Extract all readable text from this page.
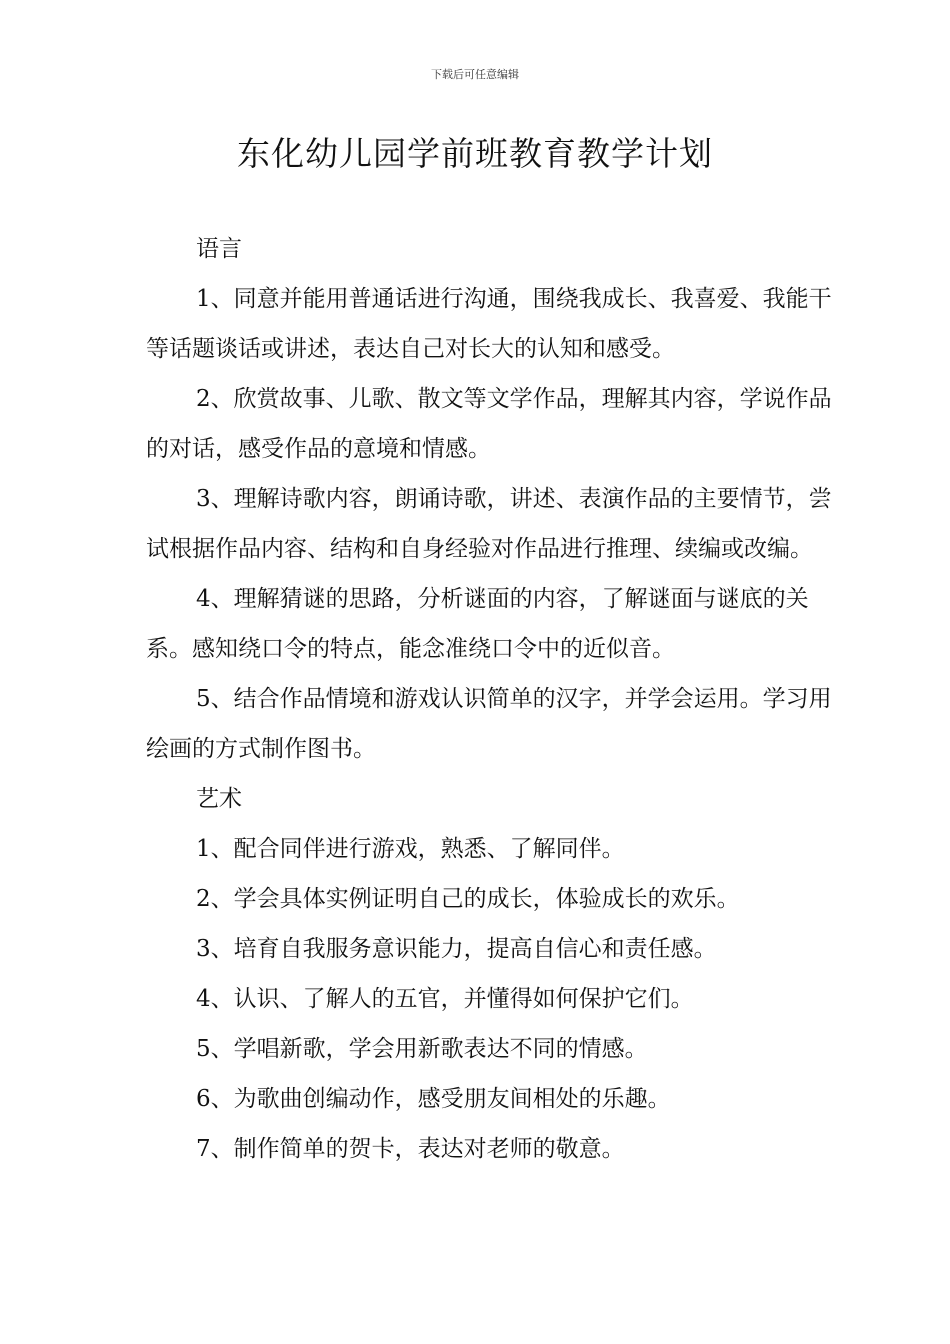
下载后可任意编辑
东化幼儿园学前班教育教学计划

语言

1、同意并能用普通话进行沟通，围绕我成长、我喜爱、我能干等话题谈话或讲述，表达自己对长大的认知和感受。

2、欣赏故事、儿歌、散文等文学作品，理解其内容，学说作品的对话，感受作品的意境和情感。

3、理解诗歌内容，朗诵诗歌，讲述、表演作品的主要情节，尝试根据作品内容、结构和自身经验对作品进行推理、续编或改编。

4、理解猜谜的思路，分析谜面的内容，了解谜面与谜底的关系。感知绕口令的特点，能念准绕口令中的近似音。

5、结合作品情境和游戏认识简单的汉字，并学会运用。学习用绘画的方式制作图书。

艺术

1、配合同伴进行游戏，熟悉、了解同伴。

2、学会具体实例证明自己的成长，体验成长的欢乐。

3、培育自我服务意识能力，提高自信心和责任感。

4、认识、了解人的五官，并懂得如何保护它们。

5、学唱新歌，学会用新歌表达不同的情感。

6、为歌曲创编动作，感受朋友间相处的乐趣。

7、制作简单的贺卡，表达对老师的敬意。
